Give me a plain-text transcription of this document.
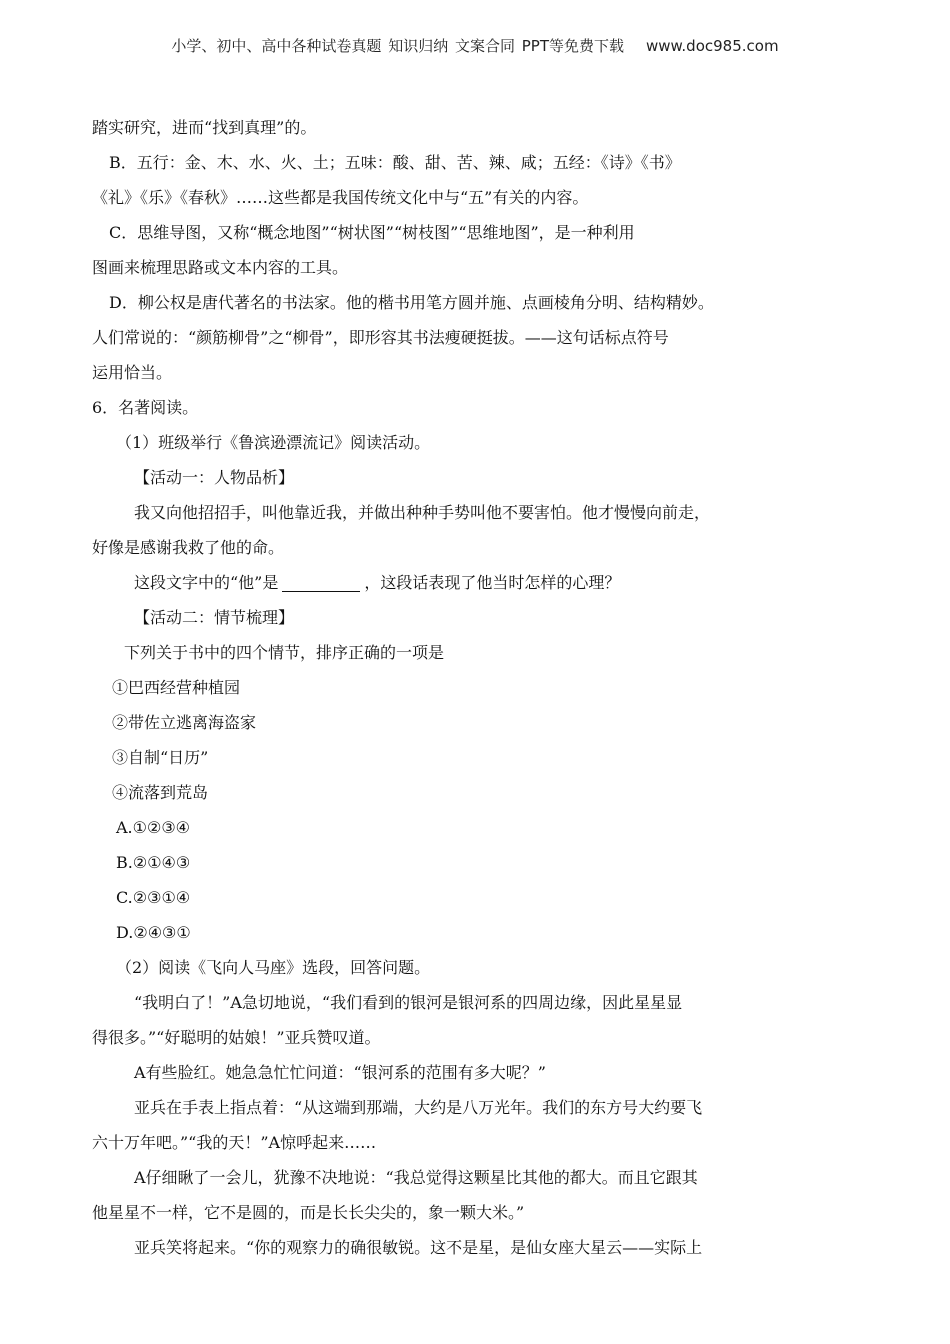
小学、初中、高中各种试卷真题 知识归纳 文案合同 PPT等免费下载 www.doc985.com

踏实研究，进而“找到真理”的。

B．五行：金、木、水、火、土；五味：酸、甜、苦、辣、咸；五经：《诗》《书》

《礼》《乐》《春秋》……这些都是我国传统文化中与“五”有关的内容。

C．思维导图，又称“概念地图”“树状图”“树枝图”“思维地图”，是一种利用

图画来梳理思路或文本内容的工具。

D．柳公权是唐代著名的书法家。他的楷书用笔方圆并施、点画棱角分明、结构精妙。

人们常说的：“颜筋柳骨”之“柳骨”，即形容其书法瘦硬挺拔。——这句话标点符号

运用恰当。

6．名著阅读。

（1）班级举行《鲁滨逊漂流记》阅读活动。

【活动一：人物品析】

我又向他招招手，叫他靠近我，并做出种种手势叫他不要害怕。他才慢慢向前走，

好像是感谢我救了他的命。

这段文字中的“他”是	，这段话表现了他当时怎样的心理？

【活动二：情节梳理】

下列关于书中的四个情节，排序正确的一项是

①巴西经营种植园

②带佐立逃离海盗家

③自制“日历”

④流落到荒岛

A.①②③④

B.②①④③

C.②③①④

D.②④③①

（2）阅读《飞向人马座》选段，回答问题。

“我明白了！”A急切地说，“我们看到的银河是银河系的四周边缘，因此星星显

得很多。”“好聪明的姑娘！”亚兵赞叹道。

A有些脸红。她急急忙忙问道：“银河系的范围有多大呢？”

亚兵在手表上指点着：“从这端到那端，大约是八万光年。我们的东方号大约要飞

六十万年吧。”“我的天！”A惊呼起来……

A仔细瞅了一会儿，犹豫不决地说：“我总觉得这颗星比其他的都大。而且它跟其

他星星不一样，它不是圆的，而是长长尖尖的，象一颗大米。”

亚兵笑将起来。“你的观察力的确很敏锐。这不是星，是仙女座大星云——实际上
